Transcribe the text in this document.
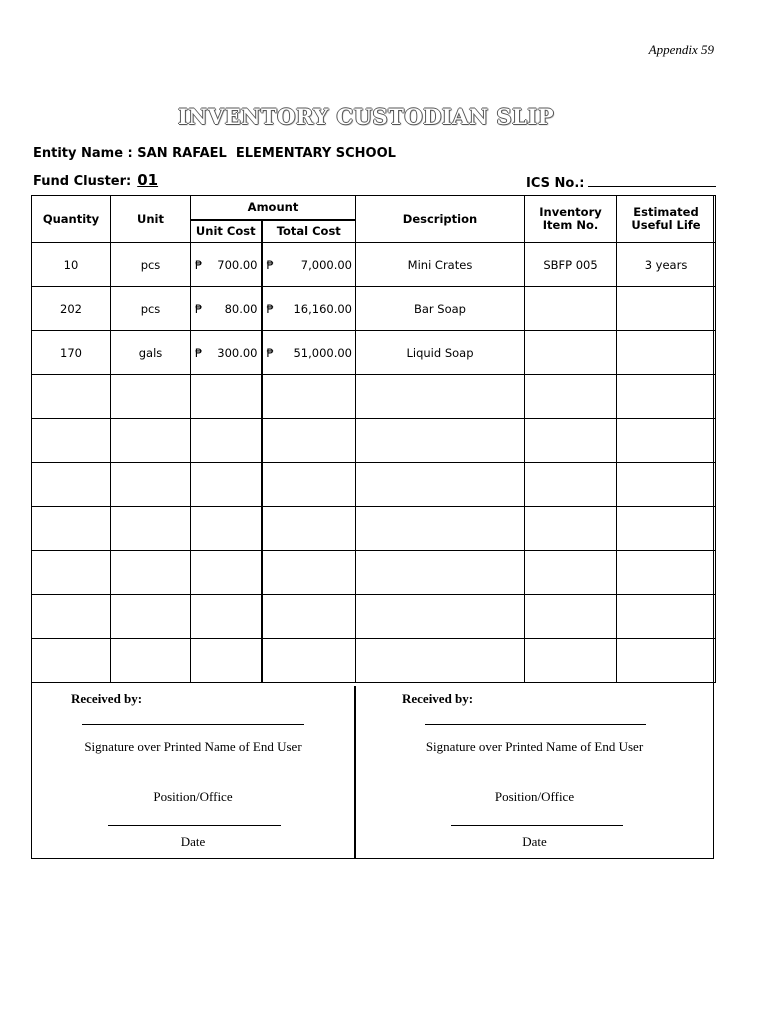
Appendix 59
INVENTORY CUSTODIAN SLIP
Entity Name : SAN RAFAEL  ELEMENTARY SCHOOL
Fund Cluster: 01	ICS No.:
Quantity	Unit	Amount		Description	Inventory Item No.	Estimated Useful Life
		Unit Cost	Total Cost			
10	pcs	₱ 700.00	₱ 7,000.00	Mini Crates	SBFP 005	3 years
202	pcs	₱ 80.00	₱ 16,160.00	Bar Soap		
170	gals	₱ 300.00	₱ 51,000.00	Liquid Soap		

Received by:
Signature over Printed Name of End User
Position/Office
Date
Received by:
Signature over Printed Name of End User
Position/Office
Date
